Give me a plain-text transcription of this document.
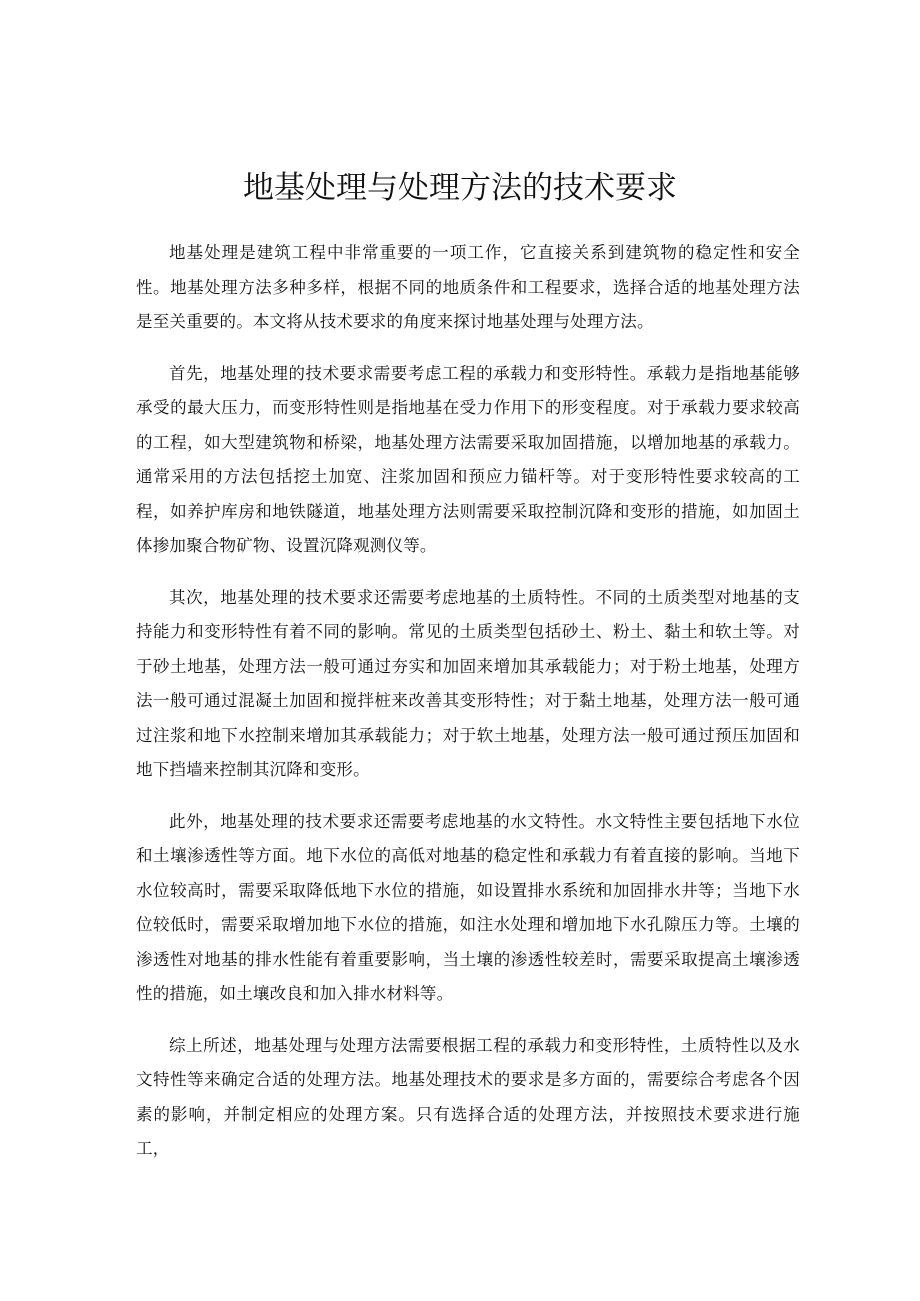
地基处理与处理方法的技术要求

地基处理是建筑工程中非常重要的一项工作，它直接关系到建筑物的稳定性和安全性。地基处理方法多种多样，根据不同的地质条件和工程要求，选择合适的地基处理方法是至关重要的。本文将从技术要求的角度来探讨地基处理与处理方法。

首先，地基处理的技术要求需要考虑工程的承载力和变形特性。承载力是指地基能够承受的最大压力，而变形特性则是指地基在受力作用下的形变程度。对于承载力要求较高的工程，如大型建筑物和桥梁，地基处理方法需要采取加固措施，以增加地基的承载力。通常采用的方法包括挖土加宽、注浆加固和预应力锚杆等。对于变形特性要求较高的工程，如养护库房和地铁隧道，地基处理方法则需要采取控制沉降和变形的措施，如加固土体掺加聚合物矿物、设置沉降观测仪等。

其次，地基处理的技术要求还需要考虑地基的土质特性。不同的土质类型对地基的支持能力和变形特性有着不同的影响。常见的土质类型包括砂土、粉土、黏土和软土等。对于砂土地基，处理方法一般可通过夯实和加固来增加其承载能力；对于粉土地基，处理方法一般可通过混凝土加固和搅拌桩来改善其变形特性；对于黏土地基，处理方法一般可通过注浆和地下水控制来增加其承载能力；对于软土地基，处理方法一般可通过预压加固和地下挡墙来控制其沉降和变形。

此外，地基处理的技术要求还需要考虑地基的水文特性。水文特性主要包括地下水位和土壤渗透性等方面。地下水位的高低对地基的稳定性和承载力有着直接的影响。当地下水位较高时，需要采取降低地下水位的措施，如设置排水系统和加固排水井等；当地下水位较低时，需要采取增加地下水位的措施，如注水处理和增加地下水孔隙压力等。土壤的渗透性对地基的排水性能有着重要影响，当土壤的渗透性较差时，需要采取提高土壤渗透性的措施，如土壤改良和加入排水材料等。

综上所述，地基处理与处理方法需要根据工程的承载力和变形特性，土质特性以及水文特性等来确定合适的处理方法。地基处理技术的要求是多方面的，需要综合考虑各个因素的影响，并制定相应的处理方案。只有选择合适的处理方法，并按照技术要求进行施工，
